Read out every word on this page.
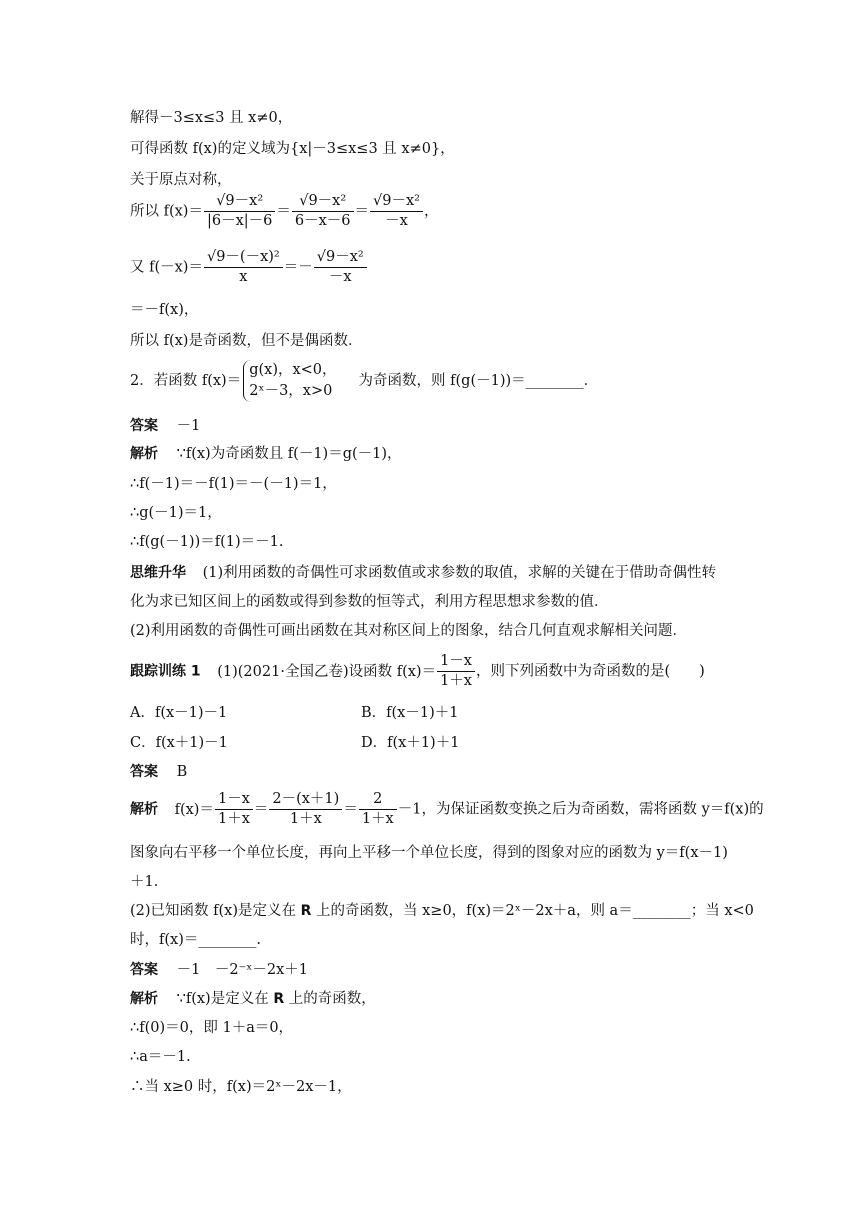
解得－3≤x≤3 且 x≠0，
可得函数 f(x)的定义域为{x|－3≤x≤3 且 x≠0}，
关于原点对称，
所以 $f(x)= \frac{\text{√9－x²}}{|6-x|-6} = \frac{\text{√9－x²}}{6-x-6} = \frac{\text{√9－x²}}{-x}$ ，
又 $f(-x)= \frac{\text{√9－(－x)²}}{x} =- \frac{\text{√9－x²}}{-x}$
＝－f(x)，
所以 f(x)是奇函数，但不是偶函数．
2．若函数 f(x)＝
g(x)，x<0，
2ˣ－3，x>0
为奇函数，则 f(g(－1))＝________．
答案 －1
解析 ∵f(x)为奇函数且 f(－1)＝g(－1)，
∴f(－1)＝－f(1)＝－(－1)＝1，
∴g(－1)＝1，
∴f(g(－1))＝f(1)＝－1.
思维升华 (1)利用函数的奇偶性可求函数值或求参数的取值，求解的关键在于借助奇偶性转
化为求已知区间上的函数或得到参数的恒等式，利用方程思想求参数的值．
(2)利用函数的奇偶性可画出函数在其对称区间上的图象，结合几何直观求解相关问题．
跟踪训练 1 (1)(2021·全国乙卷)设函数 $f(x)= \frac{1-x}{1+x}$ ，则下列函数中为奇函数的是(　　)
A．f(x－1)－1	B．f(x－1)＋1
C．f(x＋1)－1	D．f(x＋1)＋1
答案 B
解析 $f(x)= \frac{1-x}{1+x} = \frac{2-(x+1)}{1+x} = \frac{2}{1+x} -1$，为保证函数变换之后为奇函数，需将函数 y＝f(x)的
图象向右平移一个单位长度，再向上平移一个单位长度，得到的图象对应的函数为 y＝f(x－1)
＋1.
(2)已知函数 f(x)是定义在 R 上的奇函数，当 x≥0，f(x)＝2ˣ－2x＋a，则 a＝________；当 x<0
时，f(x)＝________.
答案 －1　－2⁻ˣ－2x＋1
解析 ∵f(x)是定义在 R 上的奇函数，
∴f(0)＝0，即 1＋a＝0，
∴a＝－1.
∴当 x≥0 时，f(x)＝2ˣ－2x－1，
